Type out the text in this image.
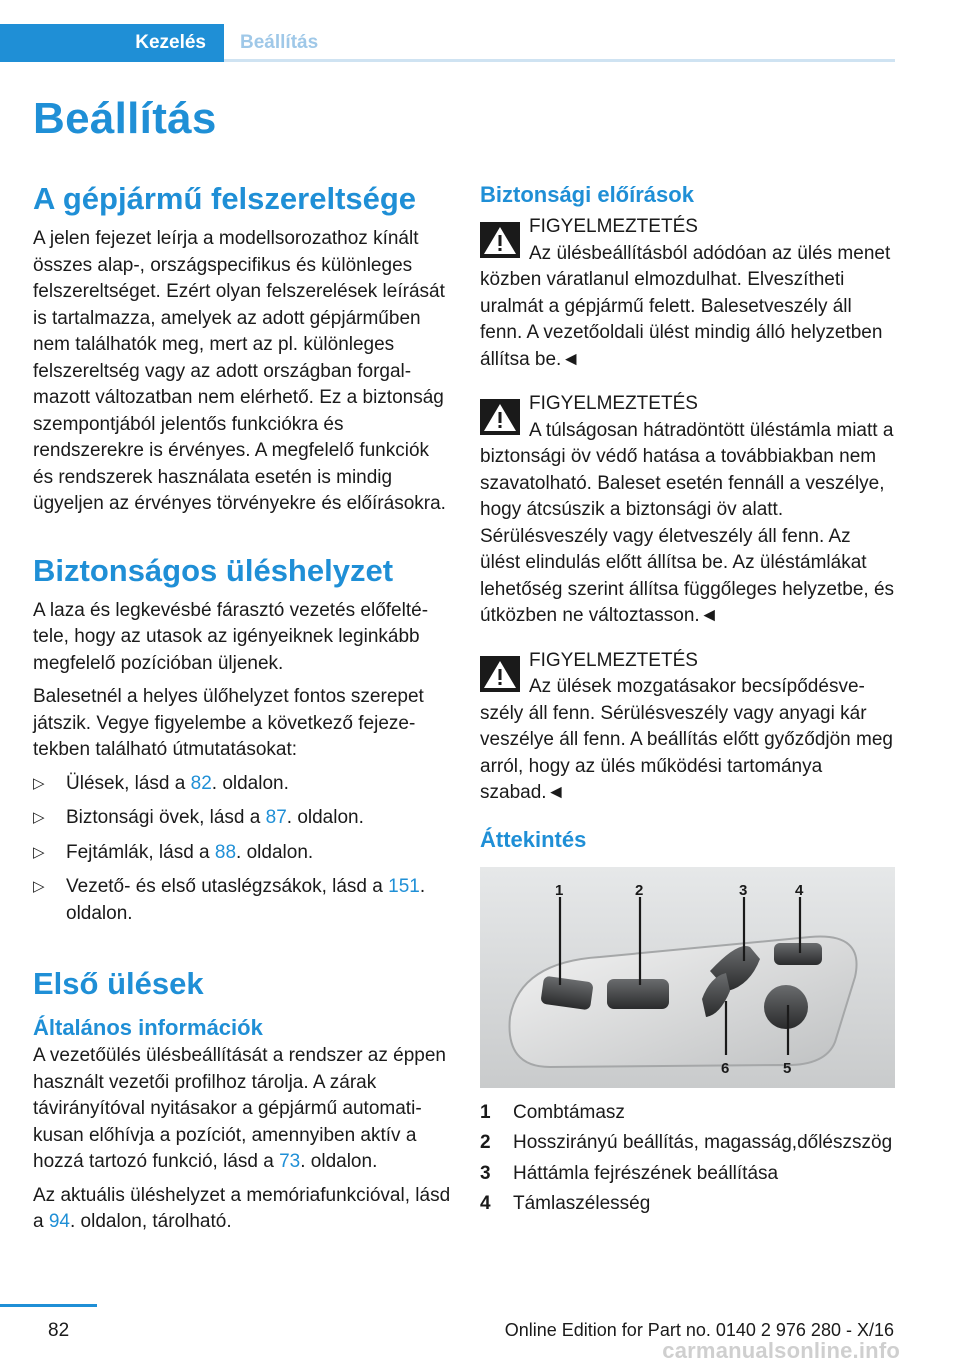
Kezelés	Beállítás
Beállítás
A gépjármű felszereltsége

A jelen fejezet leírja a modellsorozathoz kínált összes alap-, országspecifikus és különleges felszereltséget. Ezért olyan felszerelések leírását is tartalmazza, amelyek az adott gépjárműben nem találhatók meg, mert az pl. különleges felszereltség vagy az adott országban forgalmazott változatban nem elérhető. Ez a biztonság szempontjából jelentős funkciókra és rendszerekre is érvényes. A megfelelő funkciók és rendszerek használata esetén is mindig ügyeljen az érvényes törvényekre és előírásokra.

Biztonságos üléshelyzet

A laza és legkevésbé fárasztó vezetés előfeltétele, hogy az utasok az igényeiknek leginkább megfelelő pozícióban üljenek.

Balesetnél a helyes ülőhelyzet fontos szerepet játszik. Vegye figyelembe a következő fejezetekben található útmutatásokat:

▷ Ülések, lásd a 82. oldalon.
▷ Biztonsági övek, lásd a 87. oldalon.
▷ Fejtámlák, lásd a 88. oldalon.
▷ Vezető- és első utaslégzsákok, lásd a 151. oldalon.
Első ülések
Általános információk

A vezetőülés ülésbeállítását a rendszer az éppen használt vezetői profilhoz tárolja. A zárak távirányítóval nyitásakor a gépjármű automatikusan előhívja a pozíciót, amennyiben aktív a hozzá tartozó funkció, lásd a 73. oldalon.

Az aktuális üléshelyzet a memóriafunkcióval, lásd a 94. oldalon, tárolható.

Biztonsági előírások
FIGYELMEZTETÉS
Az ülésbeállításból adódóan az ülés menet közben váratlanul elmozdulhat. Elveszítheti uralmát a gépjármű felett. Balesetveszély áll fenn. A vezetőoldali ülést mindig álló helyzetben állítsa be.◄
FIGYELMEZTETÉS
A túlságosan hátradöntött üléstámla miatt a biztonsági öv védő hatása a továbbiakban nem szavatolható. Baleset esetén fennáll a veszélye, hogy átcsúszik a biztonsági öv alatt. Sérülésveszély vagy életveszély áll fenn. Az ülést elindulás előtt állítsa be. Az üléstámlákat lehetőség szerint állítsa függőleges helyzetbe, és útközben ne változtasson.◄
FIGYELMEZTETÉS
Az ülések mozgatásakor becsípődésveszély áll fenn. Sérülésveszély vagy anyagi kár veszélye áll fenn. A beállítás előtt győződjön meg arról, hogy az ülés működési tartománya szabad.◄
Áttekintés
1	2	3	4
5
6
1	Combtámasz
2	Hosszirányú beállítás, magasság,dőlészszög
3	Háttámla fejrészének beállítása
4	Támlaszélesség
82	Online Edition for Part no. 0140 2 976 280 - X/16
carmanualsonline.info
